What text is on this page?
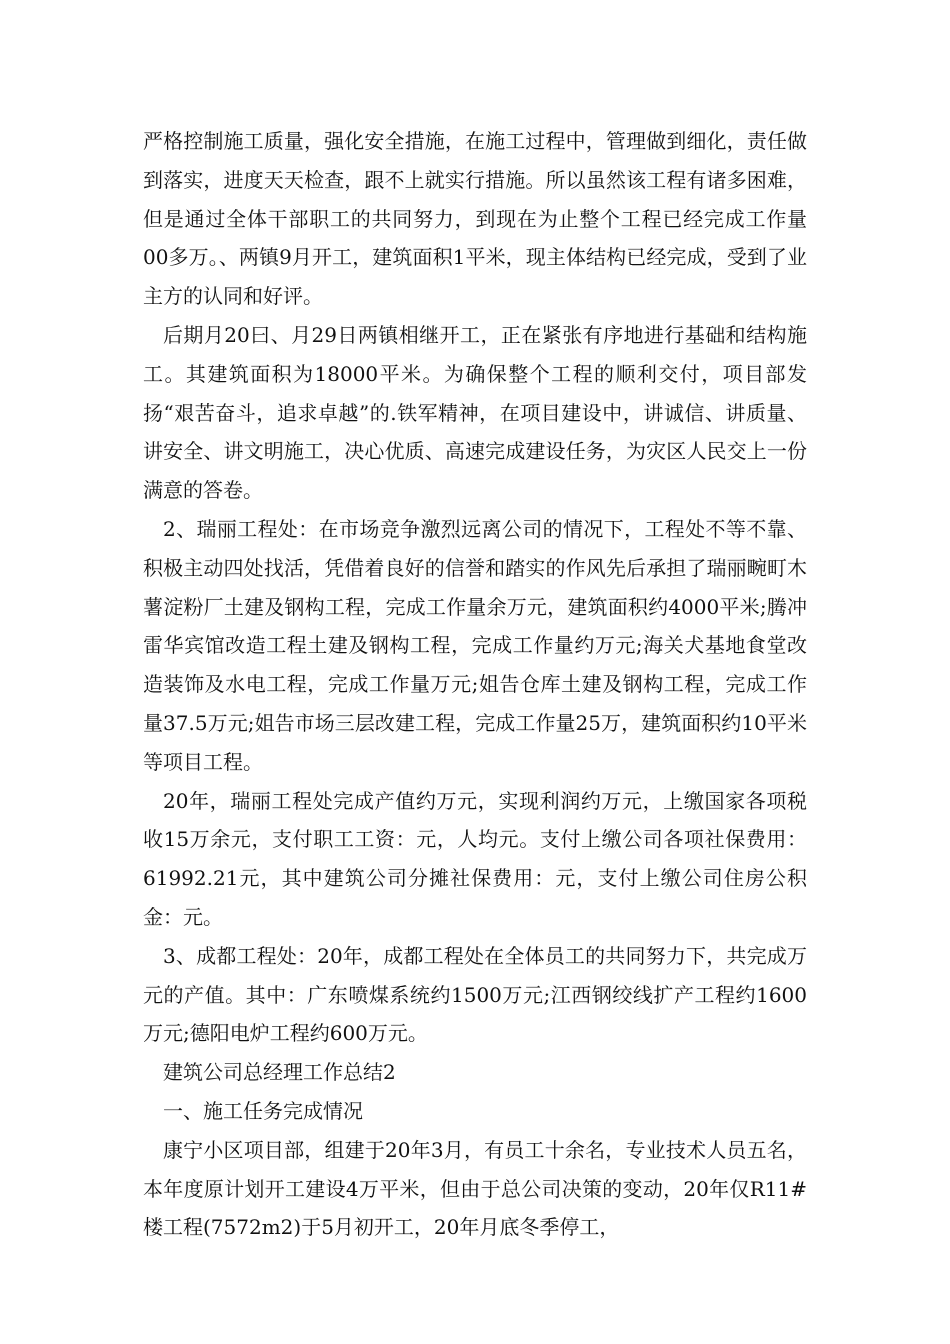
严格控制施工质量，强化安全措施，在施工过程中，管理做到细化，责任做到落实，进度天天检查，跟不上就实行措施。所以虽然该工程有诸多困难，但是通过全体干部职工的共同努力，到现在为止整个工程已经完成工作量00多万。、两镇9月开工，建筑面积1平米，现主体结构已经完成，受到了业主方的认同和好评。

后期月20曰、月29日两镇相继开工，正在紧张有序地进行基础和结构施工。其建筑面积为18000平米。为确保整个工程的顺利交付，项目部发扬“艰苦奋斗，追求卓越”的.铁军精神，在项目建设中，讲诚信、讲质量、讲安全、讲文明施工，决心优质、高速完成建设任务，为灾区人民交上一份满意的答卷。

2、瑞丽工程处：在市场竞争激烈远离公司的情况下，工程处不等不靠、积极主动四处找活，凭借着良好的信誉和踏实的作风先后承担了瑞丽畹町木薯淀粉厂土建及钢构工程，完成工作量余万元，建筑面积约4000平米;腾冲雷华宾馆改造工程土建及钢构工程，完成工作量约万元;海关犬基地食堂改造装饰及水电工程，完成工作量万元;姐告仓库土建及钢构工程，完成工作量37.5万元;姐告市场三层改建工程，完成工作量25万，建筑面积约10平米等项目工程。

20年，瑞丽工程处完成产值约万元，实现利润约万元，上缴国家各项税收15万余元，支付职工工资：元，人均元。支付上缴公司各项社保费用：61992.21元，其中建筑公司分摊社保费用：元，支付上缴公司住房公积金：元。

3、成都工程处：20年，成都工程处在全体员工的共同努力下，共完成万元的产值。其中：广东喷煤系统约1500万元;江西钢绞线扩产工程约1600万元;德阳电炉工程约600万元。

建筑公司总经理工作总结2

一、施工任务完成情况

康宁小区项目部，组建于20年3月，有员工十余名，专业技术人员五名，本年度原计划开工建设4万平米，但由于总公司决策的变动，20年仅R11#楼工程(7572m2)于5月初开工，20年月底冬季停工，
